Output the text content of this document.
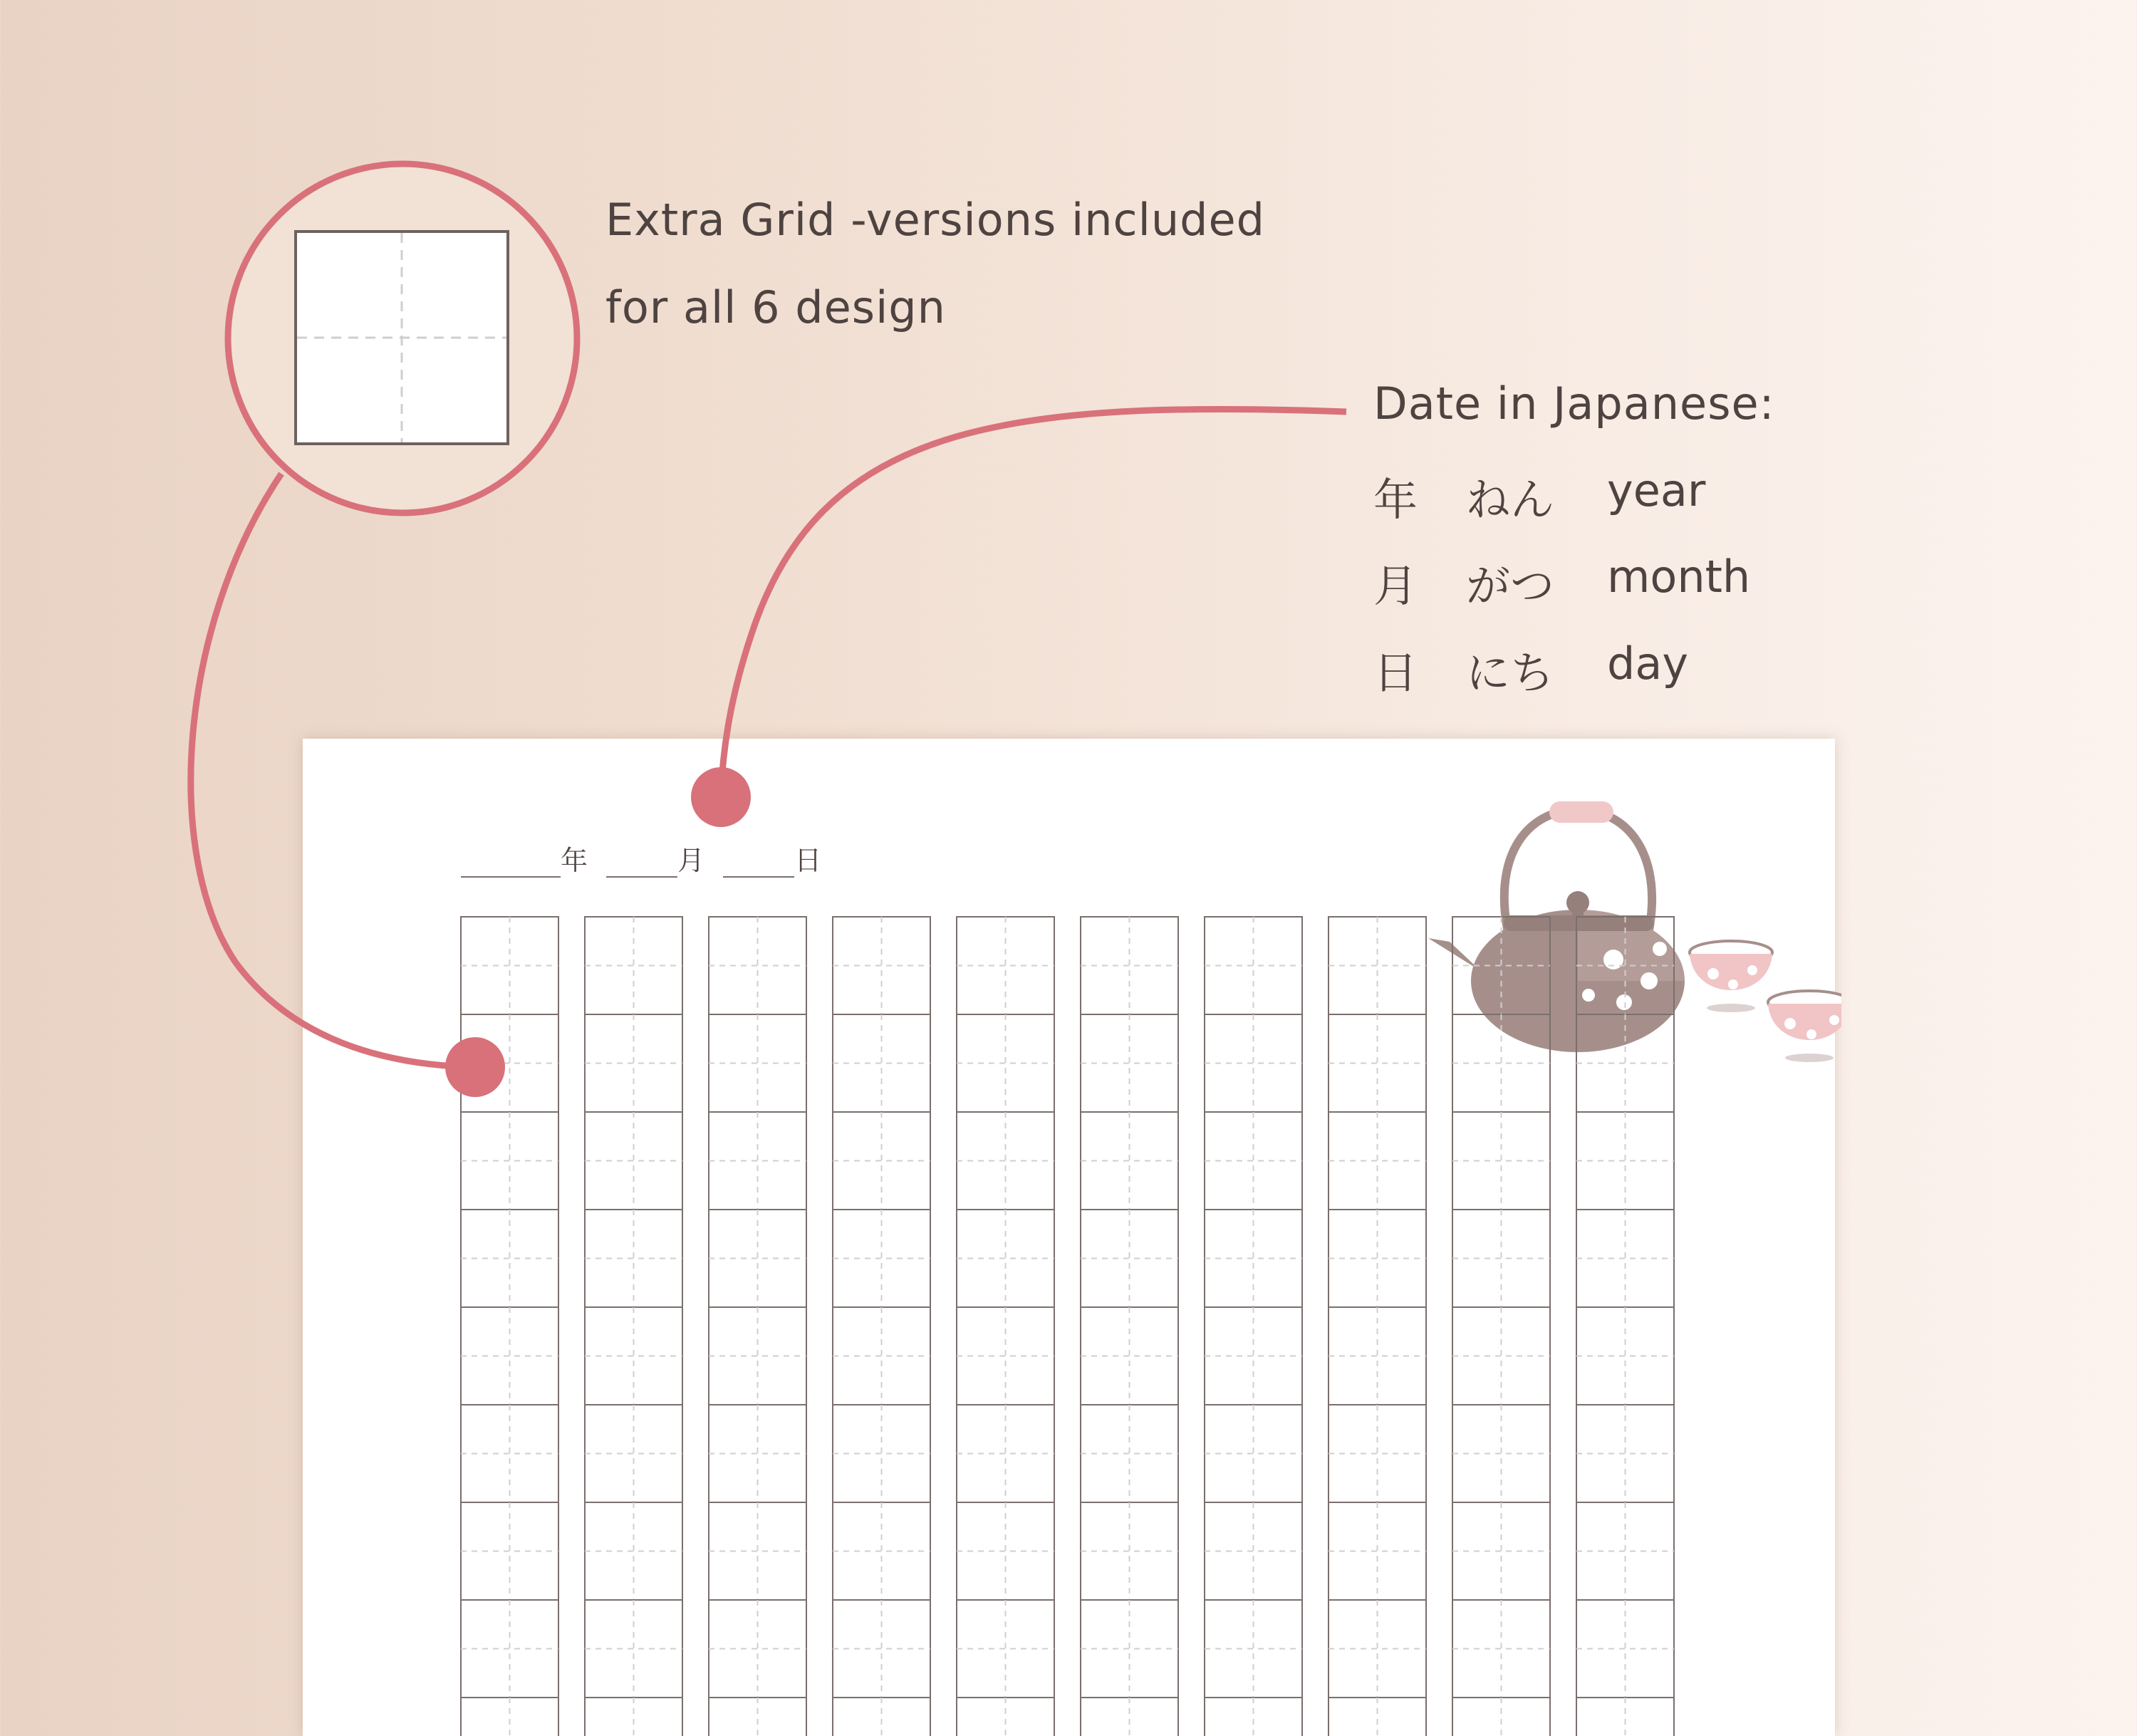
Extra Grid -versions included
for all 6 design
Date in Japanese:
年 ねん year
月 がつ month
日 にち day
年	月	日
